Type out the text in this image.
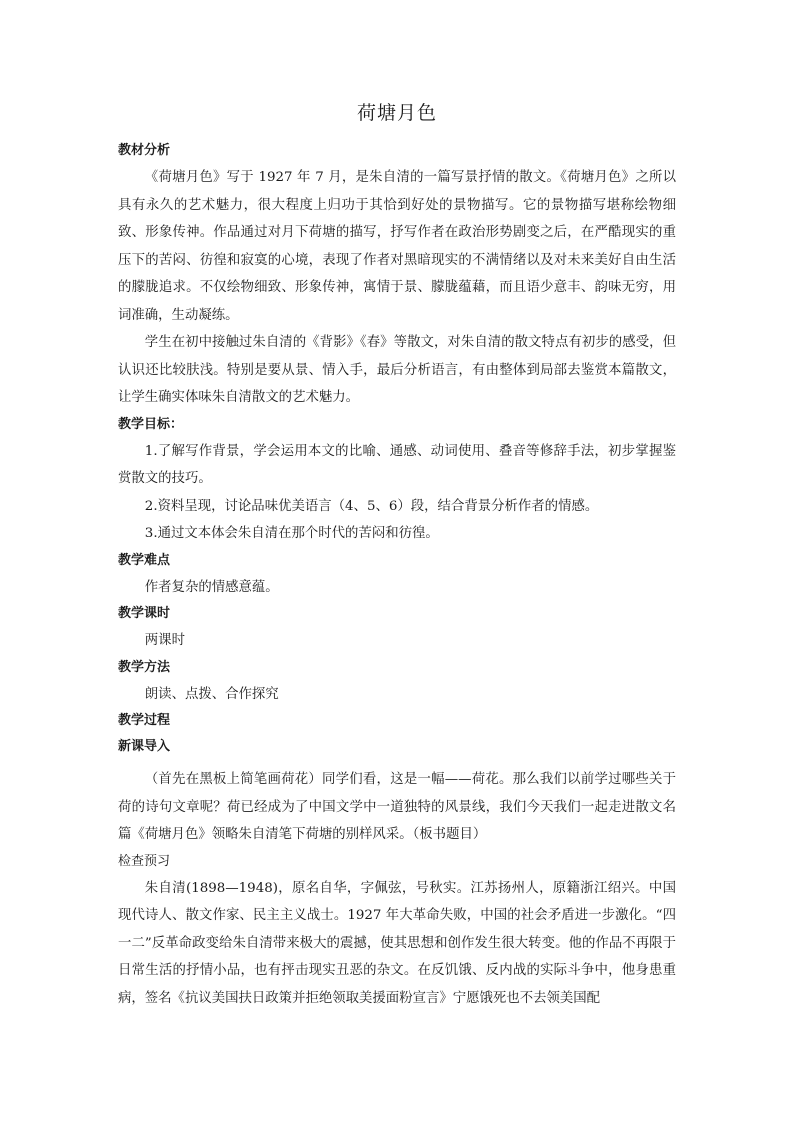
荷塘月色
教材分析

《荷塘月色》写于 1927 年 7 月，是朱自清的一篇写景抒情的散文。《荷塘月色》之所以具有永久的艺术魅力，很大程度上归功于其恰到好处的景物描写。它的景物描写堪称绘物细致、形象传神。作品通过对月下荷塘的描写，抒写作者在政治形势剧变之后，在严酷现实的重压下的苦闷、彷徨和寂寞的心境，表现了作者对黑暗现实的不满情绪以及对未来美好自由生活的朦胧追求。不仅绘物细致、形象传神，寓情于景、朦胧蕴藉，而且语少意丰、韵味无穷，用词准确，生动凝练。

学生在初中接触过朱自清的《背影》《春》等散文，对朱自清的散文特点有初步的感受，但认识还比较肤浅。特别是要从景、情入手，最后分析语言，有由整体到局部去鉴赏本篇散文，让学生确实体味朱自清散文的艺术魅力。

教学目标：

1.了解写作背景，学会运用本文的比喻、通感、动词使用、叠音等修辞手法，初步掌握鉴赏散文的技巧。

2.资料呈现，讨论品味优美语言（4、5、6）段，结合背景分析作者的情感。

3.通过文本体会朱自清在那个时代的苦闷和彷徨。

教学难点

作者复杂的情感意蕴。

教学课时

两课时

教学方法

朗读、点拨、合作探究

教学过程
新课导入

（首先在黑板上简笔画荷花）同学们看，这是一幅——荷花。那么我们以前学过哪些关于荷的诗句文章呢？荷已经成为了中国文学中一道独特的风景线，我们今天我们一起走进散文名篇《荷塘月色》领略朱自清笔下荷塘的别样风采。（板书题目）

检查预习

朱自清(1898—1948)，原名自华，字佩弦，号秋实。江苏扬州人，原籍浙江绍兴。中国现代诗人、散文作家、民主主义战士。1927 年大革命失败，中国的社会矛盾进一步激化。“四一二”反革命政变给朱自清带来极大的震撼，使其思想和创作发生很大转变。他的作品不再限于日常生活的抒情小品，也有抨击现实丑恶的杂文。在反饥饿、反内战的实际斗争中，他身患重病，签名《抗议美国扶日政策并拒绝领取美援面粉宣言》宁愿饿死也不去领美国配
